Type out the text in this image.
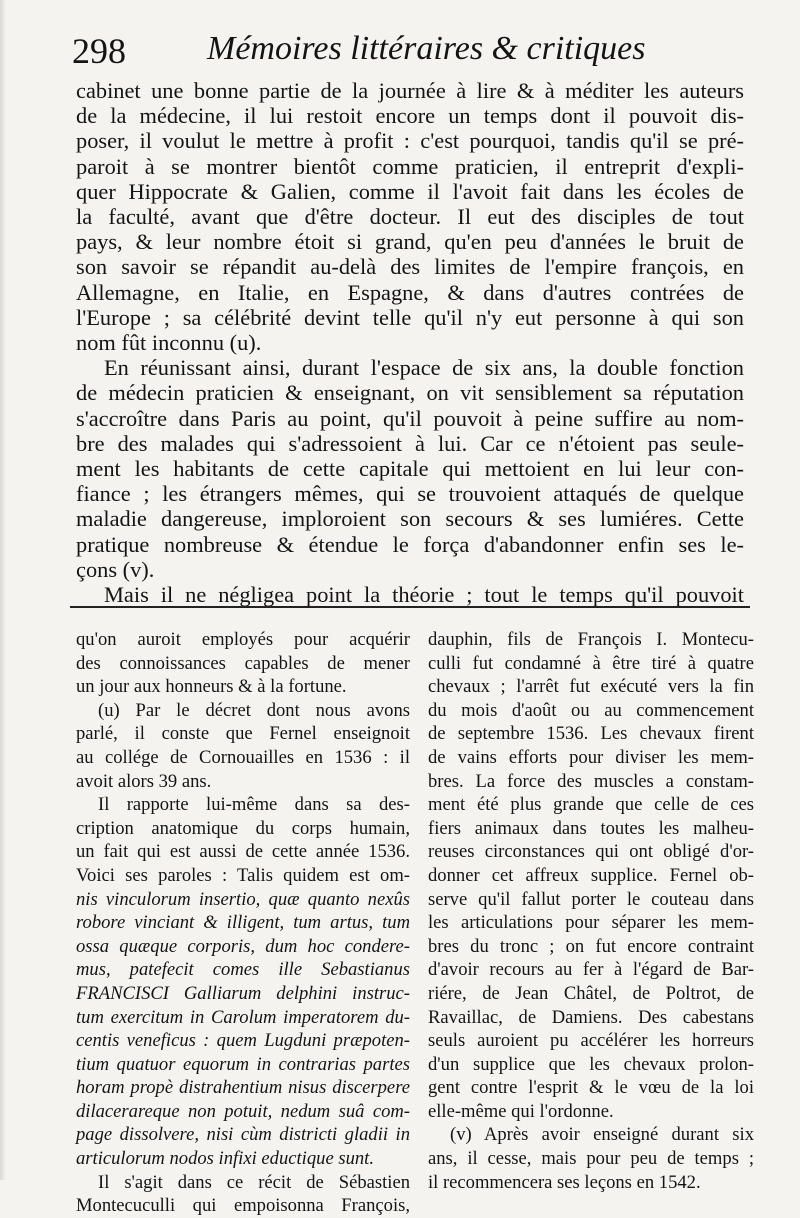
298	Mémoires littéraires & critiques
cabinet une bonne partie de la journée à lire & à méditer les auteurs
de la médecine, il lui restoit encore un temps dont il pouvoit dis-
poser, il voulut le mettre à profit : c'est pourquoi, tandis qu'il se pré-
paroit à se montrer bientôt comme praticien, il entreprit d'expli-
quer Hippocrate & Galien, comme il l'avoit fait dans les écoles de
la faculté, avant que d'être docteur. Il eut des disciples de tout
pays, & leur nombre étoit si grand, qu'en peu d'années le bruit de
son savoir se répandit au-delà des limites de l'empire françois, en
Allemagne, en Italie, en Espagne, & dans d'autres contrées de
l'Europe ; sa célébrité devint telle qu'il n'y eut personne à qui son
nom fût inconnu (u).
En réunissant ainsi, durant l'espace de six ans, la double fonction
de médecin praticien & enseignant, on vit sensiblement sa réputation
s'accroître dans Paris au point, qu'il pouvoit à peine suffire au nom-
bre des malades qui s'adressoient à lui. Car ce n'étoient pas seule-
ment les habitants de cette capitale qui mettoient en lui leur con-
fiance ; les étrangers mêmes, qui se trouvoient attaqués de quelque
maladie dangereuse, imploroient son secours & ses lumiéres. Cette
pratique nombreuse & étendue le força d'abandonner enfin ses le-
çons (v).
Mais il ne négligea point la théorie ; tout le temps qu'il pouvoit
qu'on auroit employés pour acquérir
des connoissances capables de mener
un jour aux honneurs & à la fortune.
(u) Par le décret dont nous avons
parlé, il conste que Fernel enseignoit
au collége de Cornouailles en 1536 : il
avoit alors 39 ans.
Il rapporte lui-même dans sa des-
cription anatomique du corps humain,
un fait qui est aussi de cette année 1536.
Voici ses paroles : Talis quidem est om-
nis vinculorum insertio, quæ quanto nexûs
robore vinciant & illigent, tum artus, tum
ossa quæque corporis, dum hoc condere-
mus, patefecit comes ille Sebastianus
FRANCISCI Galliarum delphini instruc-
tum exercitum in Carolum imperatorem du-
centis veneficus : quem Lugduni præpoten-
tium quatuor equorum in contrarias partes
horam propè distrahentium nisus discerpere
dilacerareque non potuit, nedum suâ com-
page dissolvere, nisi cùm districti gladii in
articulorum nodos infixi eductique sunt.
Il s'agit dans ce récit de Sébastien
Montecuculli qui empoisonna François,
dauphin, fils de François I. Montecu-
culli fut condamné à être tiré à quatre
chevaux ; l'arrêt fut exécuté vers la fin
du mois d'août ou au commencement
de septembre 1536. Les chevaux firent
de vains efforts pour diviser les mem-
bres. La force des muscles a constam-
ment été plus grande que celle de ces
fiers animaux dans toutes les malheu-
reuses circonstances qui ont obligé d'or-
donner cet affreux supplice. Fernel ob-
serve qu'il fallut porter le couteau dans
les articulations pour séparer les mem-
bres du tronc ; on fut encore contraint
d'avoir recours au fer à l'égard de Bar-
riére, de Jean Châtel, de Poltrot, de
Ravaillac, de Damiens. Des cabestans
seuls auroient pu accélérer les horreurs
d'un supplice que les chevaux prolon-
gent contre l'esprit & le vœu de la loi
elle-même qui l'ordonne.
(v) Après avoir enseigné durant six
ans, il cesse, mais pour peu de temps ;
il recommencera ses leçons en 1542.
